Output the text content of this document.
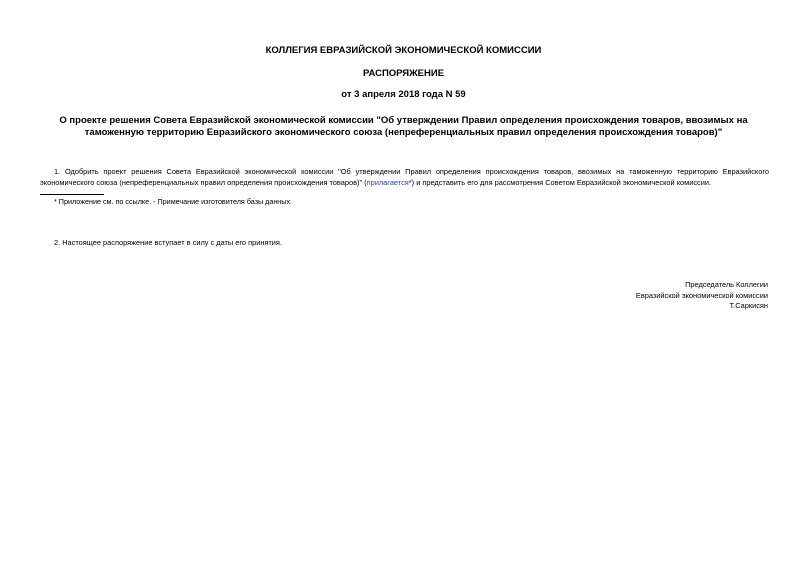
КОЛЛЕГИЯ ЕВРАЗИЙСКОЙ ЭКОНОМИЧЕСКОЙ КОМИССИИ
РАСПОРЯЖЕНИЕ
от 3 апреля 2018 года N 59
О проекте решения Совета Евразийской экономической комиссии "Об утверждении Правил определения происхождения товаров, ввозимых на таможенную территорию Евразийского экономического союза (непреференциальных правил определения происхождения товаров)"
1. Одобрить проект решения Совета Евразийской экономической комиссии "Об утверждении Правил определения происхождения товаров, ввозимых на таможенную территорию Евразийского экономического союза (непреференциальных правил определения происхождения товаров)" (прилагается*) и представить его для рассмотрения Советом Евразийской экономической комиссии.
* Приложение см. по ссылке. - Примечание изготовителя базы данных.
2. Настоящее распоряжение вступает в силу с даты его принятия.
Председатель Коллегии
Евразийской экономической комиссии
Т.Саркисян
